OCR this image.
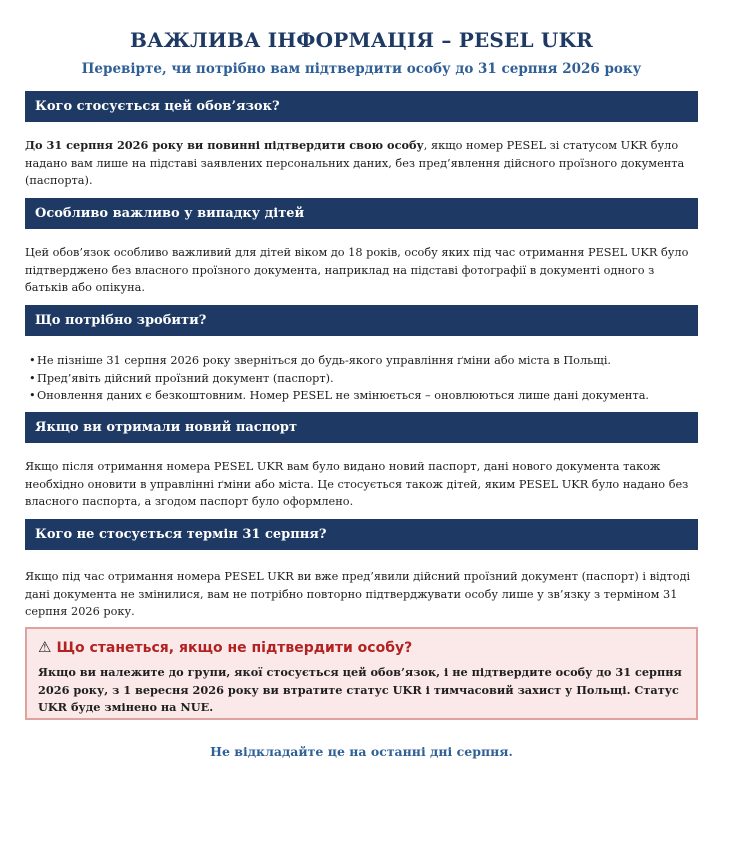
ВАЖЛИВА ІНФОРМАЦІЯ – PESEL UKR
Перевірте, чи потрібно вам підтвердити особу до 31 серпня 2026 року
Кого стосується цей обов’язок?

До 31 серпня 2026 року ви повинні підтвердити свою особу, якщо номер PESEL зі статусом UKR було надано вам лише на підставі заявлених персональних даних, без пред’явлення дійсного проїзного документа (паспорта).

Особливо важливо у випадку дітей

Цей обов’язок особливо важливий для дітей віком до 18 років, особу яких під час отримання PESEL UKR було підтверджено без власного проїзного документа, наприклад на підставі фотографії в документі одного з батьків або опікуна.

Що потрібно зробити?
•Не пізніше 31 серпня 2026 року зверніться до будь-якого управління ґміни або міста в Польщі.
•Пред’явіть дійсний проїзний документ (паспорт).
•Оновлення даних є безкоштовним. Номер PESEL не змінюється – оновлюються лише дані документа.
Якщо ви отримали новий паспорт

Якщо після отримання номера PESEL UKR вам було видано новий паспорт, дані нового документа також необхідно оновити в управлінні ґміни або міста. Це стосується також дітей, яким PESEL UKR було надано без власного паспорта, а згодом паспорт було оформлено.

Кого не стосується термін 31 серпня?

Якщо під час отримання номера PESEL UKR ви вже пред’явили дійсний проїзний документ (паспорт) і відтоді дані документа не змінилися, вам не потрібно повторно підтверджувати особу лише у зв’язку з терміном 31 серпня 2026 року.

⚠ Що станеться, якщо не підтвердити особу?

Якщо ви належите до групи, якої стосується цей обов’язок, і не підтвердите особу до 31 серпня 2026 року, з 1 вересня 2026 року ви втратите статус UKR і тимчасовий захист у Польщі. Статус UKR буде змінено на NUE.

Не відкладайте це на останні дні серпня.
